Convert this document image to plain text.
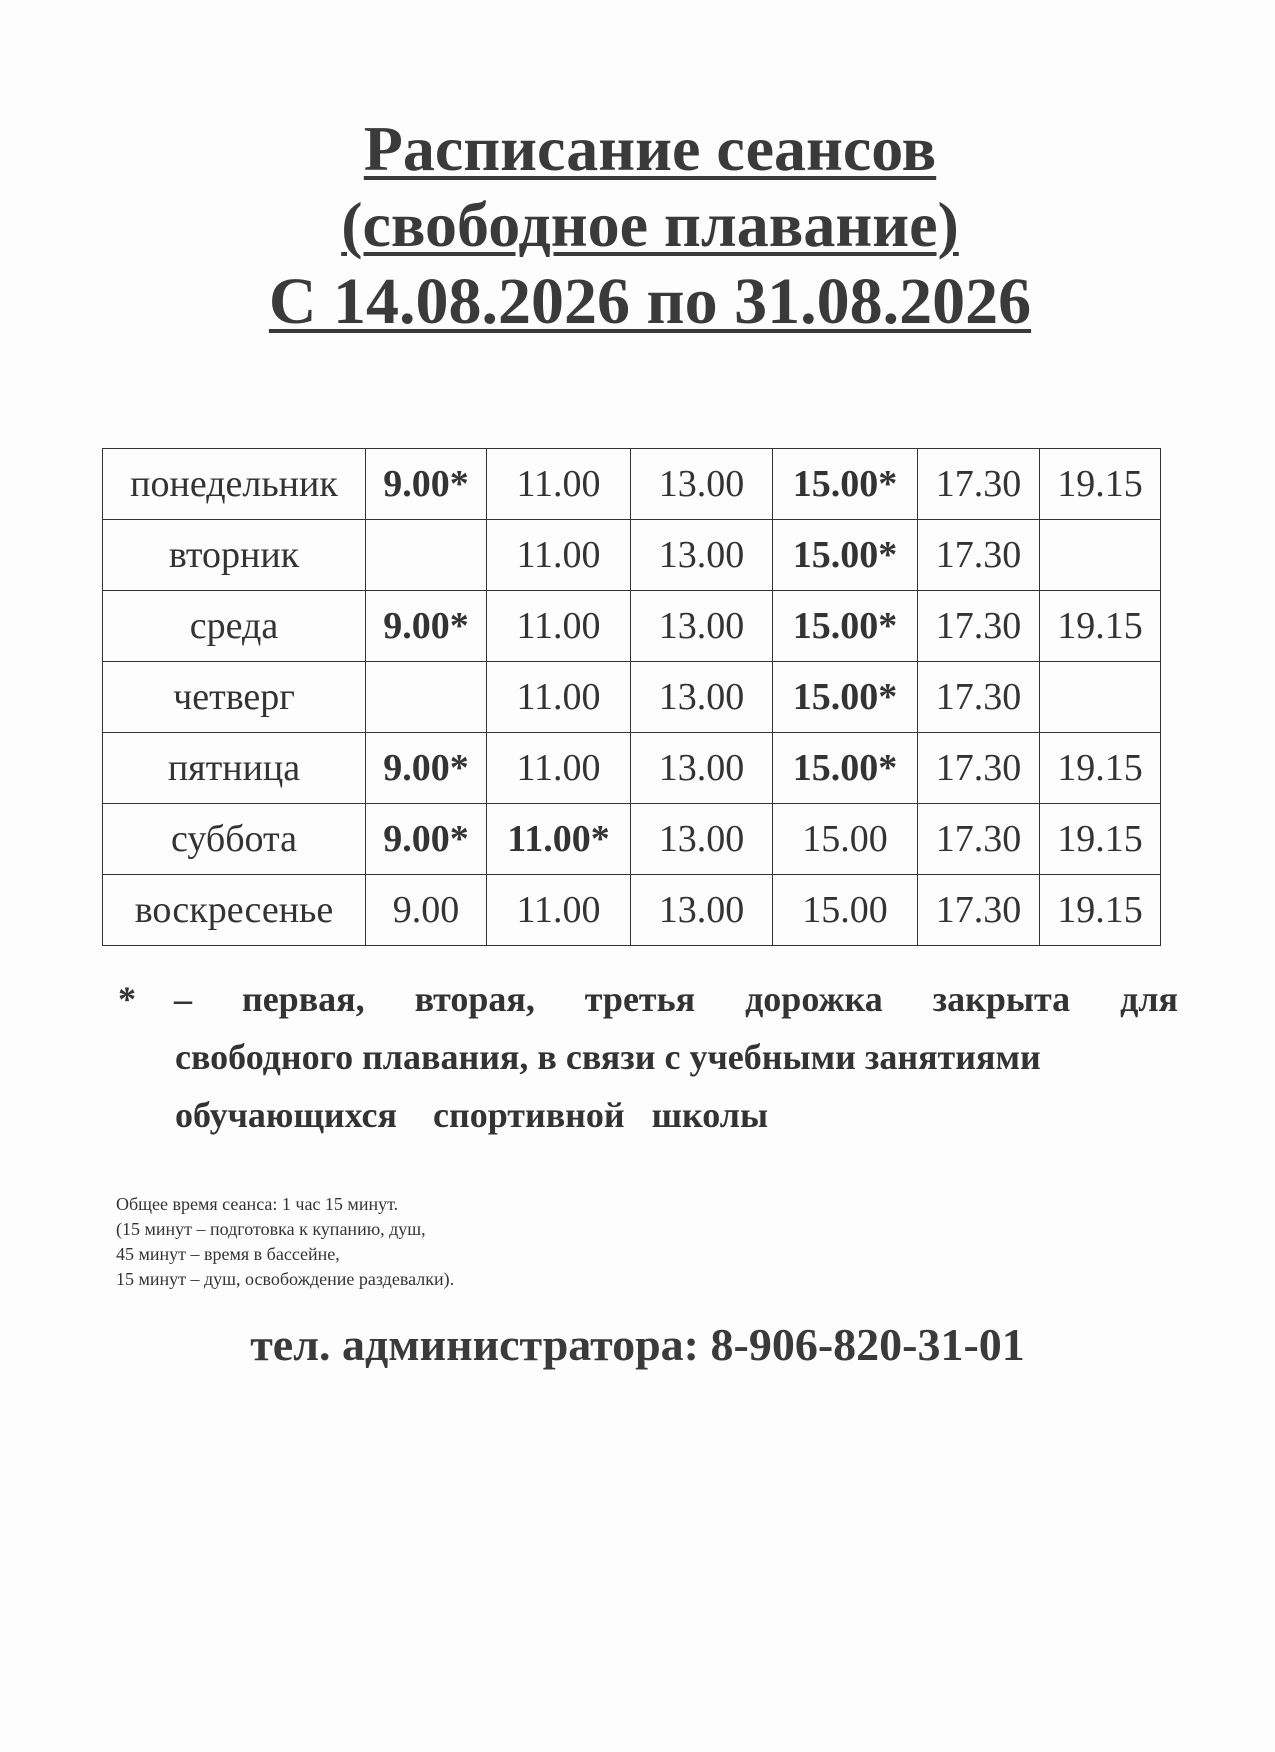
Расписание сеансов
(свободное плавание)
С 14.08.2026 по 31.08.2026
понедельник	9.00*	11.00	13.00	15.00*	17.30	19.15
вторник		11.00	13.00	15.00*	17.30	
среда	9.00*	11.00	13.00	15.00*	17.30	19.15
четверг		11.00	13.00	15.00*	17.30	
пятница	9.00*	11.00	13.00	15.00*	17.30	19.15
суббота	9.00*	11.00*	13.00	15.00	17.30	19.15
воскресенье	9.00	11.00	13.00	15.00	17.30	19.15
* – первая, вторая, третья дорожка закрыта для
свободного плавания, в связи с учебными занятиями
обучающихся    спортивной   школы
Общее время сеанса: 1 час 15 минут.
(15 минут – подготовка к купанию, душ,
45 минут – время в бассейне,
15 минут – душ, освобождение раздевалки).
тел. администратора: 8-906-820-31-01
